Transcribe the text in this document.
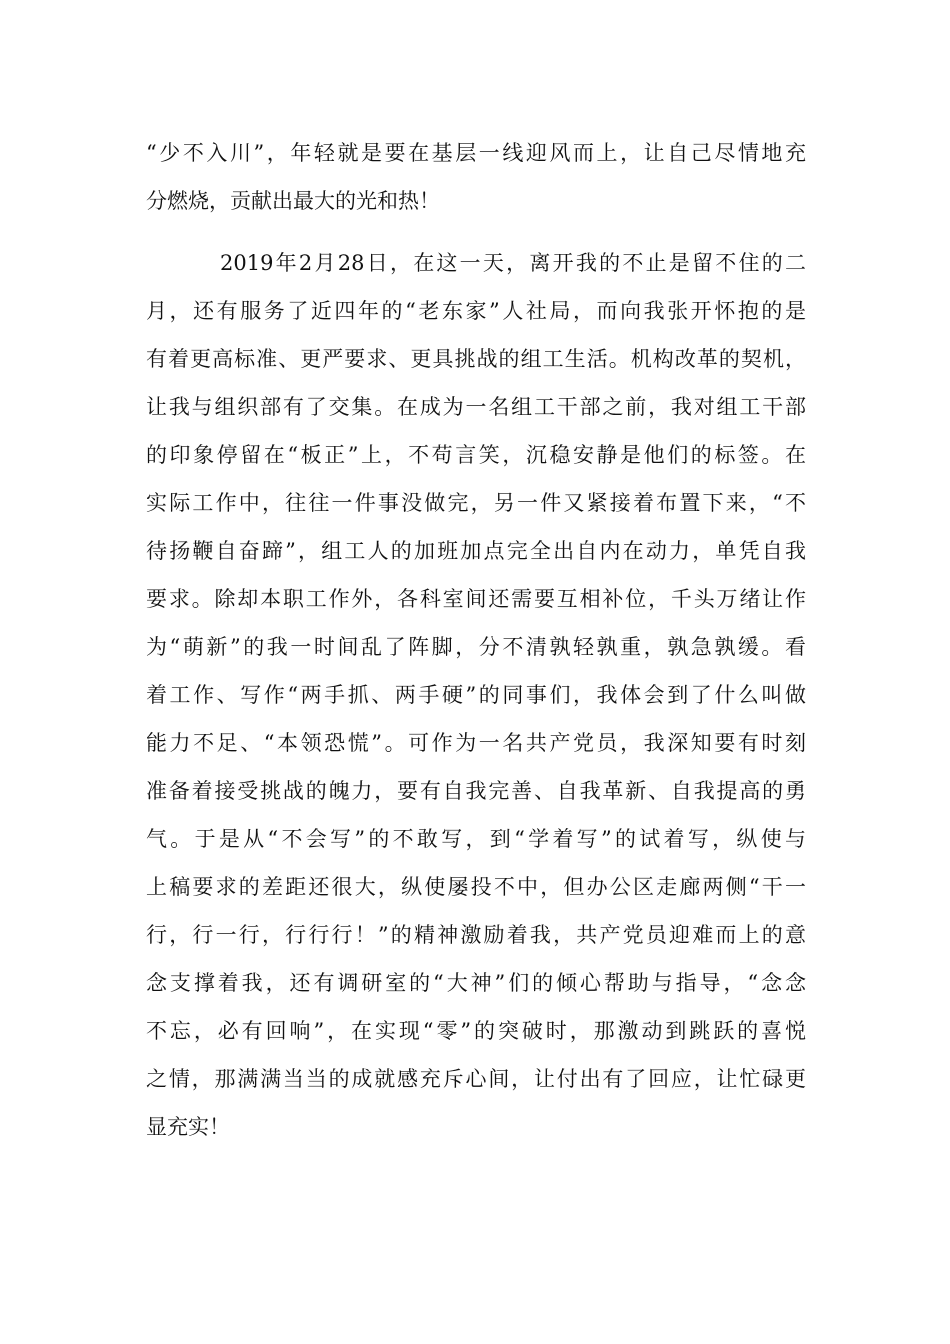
“少不入川”，年轻就是要在基层一线迎风而上，让自己尽情地充
分燃烧，贡献出最大的光和热！
2019年2月28日，在这一天，离开我的不止是留不住的二
月，还有服务了近四年的“老东家”人社局，而向我张开怀抱的是
有着更高标准、更严要求、更具挑战的组工生活。机构改革的契机，
让我与组织部有了交集。在成为一名组工干部之前，我对组工干部
的印象停留在“板正”上，不苟言笑，沉稳安静是他们的标签。在
实际工作中，往往一件事没做完，另一件又紧接着布置下来，“不
待扬鞭自奋蹄”，组工人的加班加点完全出自内在动力，单凭自我
要求。除却本职工作外，各科室间还需要互相补位，千头万绪让作
为“萌新”的我一时间乱了阵脚，分不清孰轻孰重，孰急孰缓。看
着工作、写作“两手抓、两手硬”的同事们，我体会到了什么叫做
能力不足、“本领恐慌”。可作为一名共产党员，我深知要有时刻
准备着接受挑战的魄力，要有自我完善、自我革新、自我提高的勇
气。于是从“不会写”的不敢写，到“学着写”的试着写，纵使与
上稿要求的差距还很大，纵使屡投不中，但办公区走廊两侧“干一
行，行一行，行行行！”的精神激励着我，共产党员迎难而上的意
念支撑着我，还有调研室的“大神”们的倾心帮助与指导，“念念
不忘，必有回响”，在实现“零”的突破时，那激动到跳跃的喜悦
之情，那满满当当的成就感充斥心间，让付出有了回应，让忙碌更
显充实！
